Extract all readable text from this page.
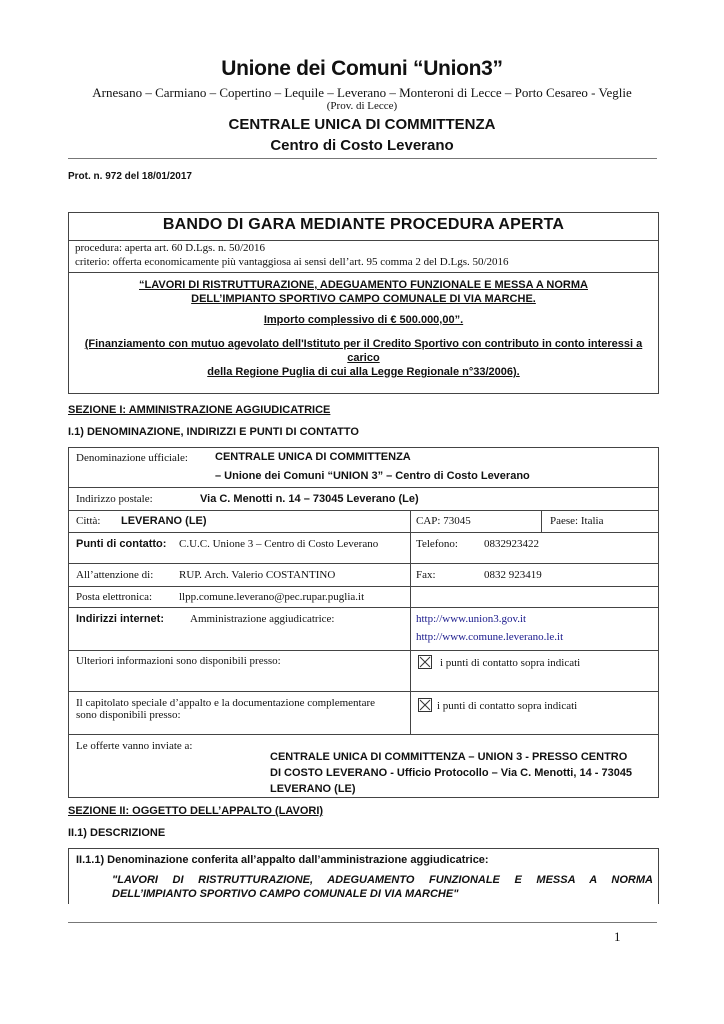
Unione dei Comuni “Union3”
Arnesano – Carmiano – Copertino – Lequile – Leverano – Monteroni di Lecce – Porto Cesareo - Veglie
(Prov. di Lecce)
CENTRALE UNICA DI COMMITTENZA
Centro di Costo Leverano
Prot. n. 972 del 18/01/2017
BANDO DI GARA MEDIANTE PROCEDURA APERTA
procedura: aperta art. 60 D.Lgs. n. 50/2016
criterio: offerta economicamente più vantaggiosa ai sensi dell’art. 95 comma 2 del D.Lgs. 50/2016
“LAVORI DI RISTRUTTURAZIONE, ADEGUAMENTO FUNZIONALE E MESSA A NORMA
DELL’IMPIANTO SPORTIVO CAMPO COMUNALE DI VIA MARCHE.
Importo complessivo di € 500.000,00”.
(Finanziamento con mutuo agevolato dell'Istituto per il Credito Sportivo con contributo in conto interessi a carico
della Regione Puglia di cui alla Legge Regionale n°33/2006).
SEZIONE I: AMMINISTRAZIONE AGGIUDICATRICE
I.1) DENOMINAZIONE, INDIRIZZI E PUNTI DI CONTATTO
Denominazione ufficiale: CENTRALE UNICA DI COMMITTENZA
– Unione dei Comuni “UNION 3” – Centro di Costo Leverano
Indirizzo postale:	Via C. Menotti n. 14 – 73045 Leverano (Le)
Città: LEVERANO (LE)	CAP: 73045	Paese: Italia
Punti di contatto: C.U.C. Unione 3 – Centro di Costo Leverano	Telefono: 0832923422
All’attenzione di: RUP. Arch. Valerio COSTANTINO	Fax:	0832 923419
Posta elettronica: llpp.comune.leverano@pec.rupar.puglia.it
Indirizzi internet: Amministrazione aggiudicatrice:	http://www.union3.gov.it
http://www.comune.leverano.le.it
Ulteriori informazioni sono disponibili presso:	i punti di contatto sopra indicati
Il capitolato speciale d’appalto e la documentazione complementare
sono disponibili presso:
i punti di contatto sopra indicati
Le offerte vanno inviate a:
CENTRALE UNICA DI COMMITTENZA – UNION 3 - PRESSO CENTRO
DI COSTO LEVERANO - Ufficio Protocollo – Via C. Menotti, 14 - 73045
LEVERANO (LE)
SEZIONE II: OGGETTO DELL’APPALTO (LAVORI)
II.1) DESCRIZIONE
II.1.1) Denominazione conferita all’appalto dall’amministrazione aggiudicatrice:
"LAVORI DI RISTRUTTURAZIONE, ADEGUAMENTO FUNZIONALE E MESSA A NORMA
DELL’IMPIANTO SPORTIVO CAMPO COMUNALE DI VIA MARCHE"
1
